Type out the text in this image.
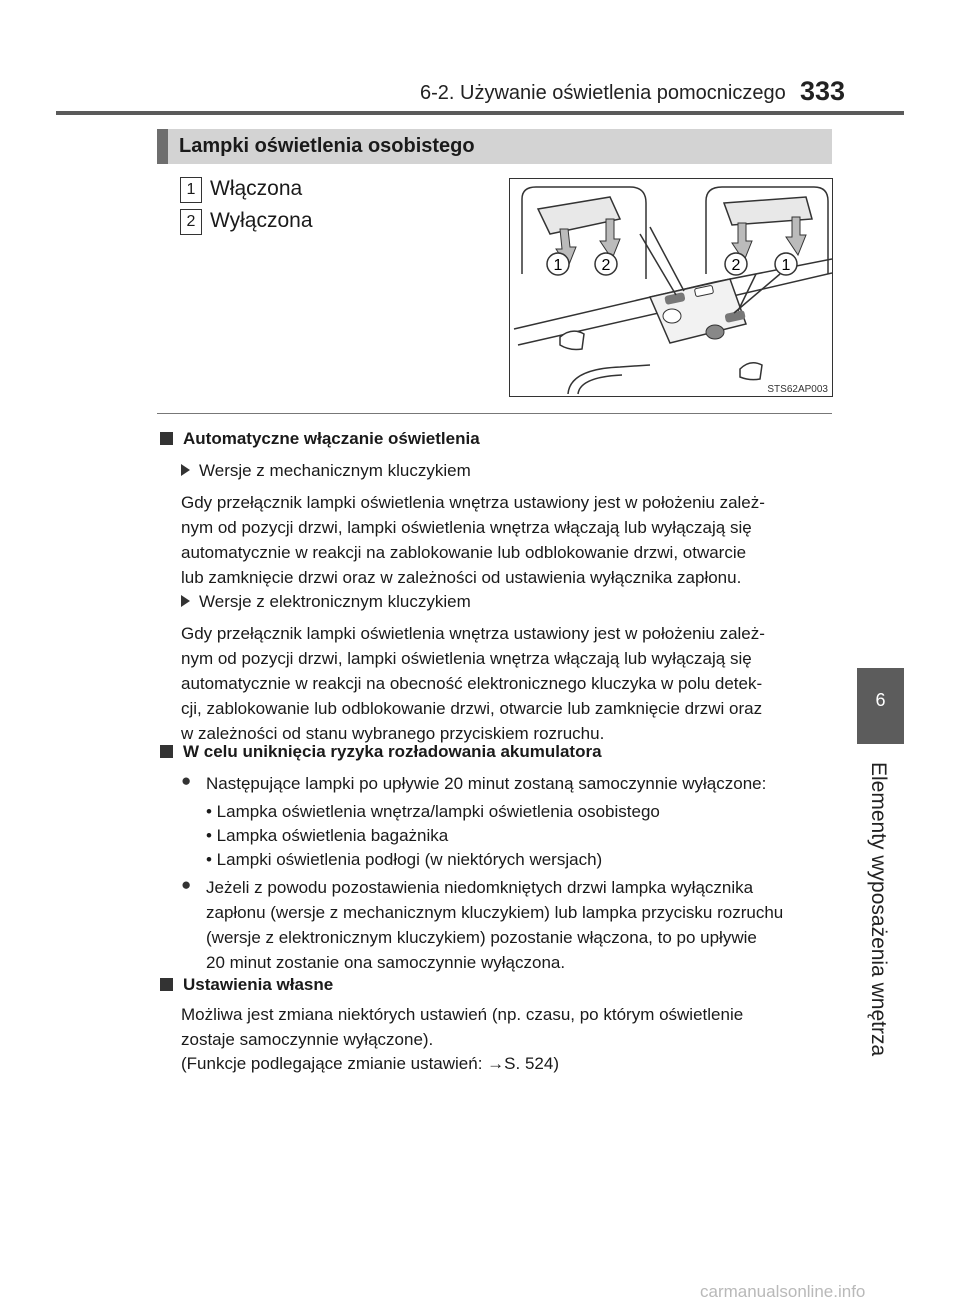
6-2. Używanie oświetlenia pomocniczego 333
6
Elementy wyposażenia wnętrza
Lampki oświetlenia osobistego
1 Włączona
2 Wyłączona
1 2	2	1
STS62AP003
Automatyczne włączanie oświetlenia
Wersje z mechanicznym kluczykiem
Gdy przełącznik lampki oświetlenia wnętrza ustawiony jest w położeniu zależ-
nym od pozycji drzwi, lampki oświetlenia wnętrza włączają lub wyłączają się
automatycznie w reakcji na zablokowanie lub odblokowanie drzwi, otwarcie
lub zamknięcie drzwi oraz w zależności od ustawienia wyłącznika zapłonu.
Wersje z elektronicznym kluczykiem
Gdy przełącznik lampki oświetlenia wnętrza ustawiony jest w położeniu zależ-
nym od pozycji drzwi, lampki oświetlenia wnętrza włączają lub wyłączają się
automatycznie w reakcji na obecność elektronicznego kluczyka w polu detek-
cji, zablokowanie lub odblokowanie drzwi, otwarcie lub zamknięcie drzwi oraz
w zależności od stanu wybranego przyciskiem rozruchu.
W celu uniknięcia ryzyka rozładowania akumulatora
● Następujące lampki po upływie 20 minut zostaną samoczynnie wyłączone:
• Lampka oświetlenia wnętrza/lampki oświetlenia osobistego
• Lampka oświetlenia bagażnika
• Lampki oświetlenia podłogi (w niektórych wersjach)
● Jeżeli z powodu pozostawienia niedomkniętych drzwi lampka wyłącznika
zapłonu (wersje z mechanicznym kluczykiem) lub lampka przycisku rozruchu
(wersje z elektronicznym kluczykiem) pozostanie włączona, to po upływie
20 minut zostanie ona samoczynnie wyłączona.
Ustawienia własne
Możliwa jest zmiana niektórych ustawień (np. czasu, po którym oświetlenie
zostaje samoczynnie wyłączone).
(Funkcje podlegające zmianie ustawień: →S. 524)
carmanualsonline.info
